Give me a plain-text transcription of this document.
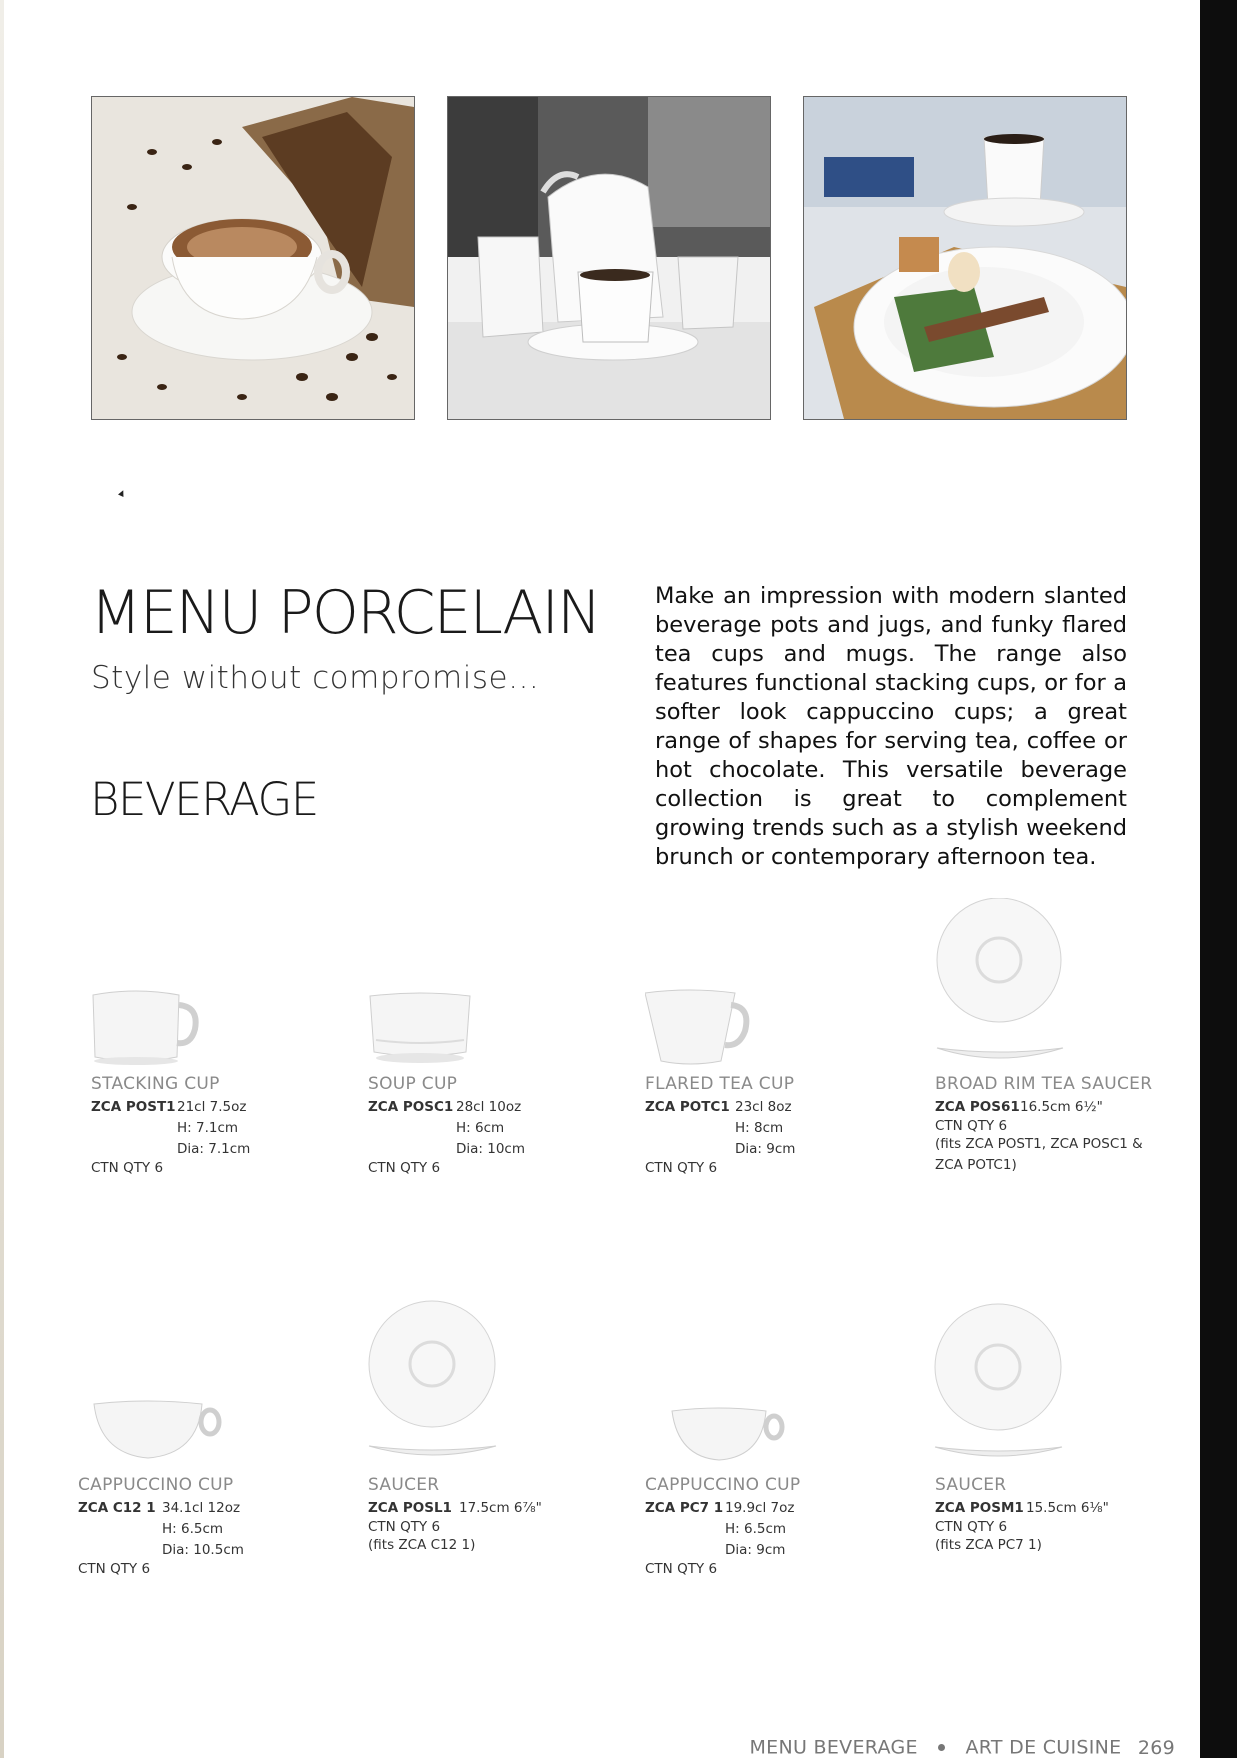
MENU PORCELAIN
Style without compromise…
BEVERAGE
Make an impression with modern slanted beverage pots and jugs, and funky flared tea cups and mugs. The range also features functional stacking cups, or for a softer look cappuccino cups; a great range of shapes for serving tea, coffee or hot chocolate. This versatile beverage collection is great to complement growing trends such as a stylish weekend brunch or contemporary afternoon tea.
STACKING CUP
ZCA POST121cl 7.5oz
H: 7.1cm
Dia: 7.1cm
CTN QTY 6
SOUP CUP
ZCA POSC1 28cl 10oz
H: 6cm
Dia: 10cm
CTN QTY 6
FLARED TEA CUP
ZCA POTC1 23cl 8oz
H: 8cm
Dia: 9cm
CTN QTY 6
BROAD RIM TEA SAUCER
ZCA POS6116.5cm 6½"
CTN QTY 6
(fits ZCA POST1, ZCA POSC1 & ZCA POTC1)
CAPPUCCINO CUP
ZCA C12 1 34.1cl 12oz
H: 6.5cm
Dia: 10.5cm
CTN QTY 6
SAUCER
ZCA POSL1 17.5cm 6⅞"
CTN QTY 6
(fits ZCA C12 1)
CAPPUCCINO CUP
ZCA PC7 1 19.9cl 7oz
H: 6.5cm
Dia: 9cm
CTN QTY 6
SAUCER
ZCA POSM1 15.5cm 6⅛"
CTN QTY 6
(fits ZCA PC7 1)
MENU BEVERAGE	ART DE CUISINE 269
